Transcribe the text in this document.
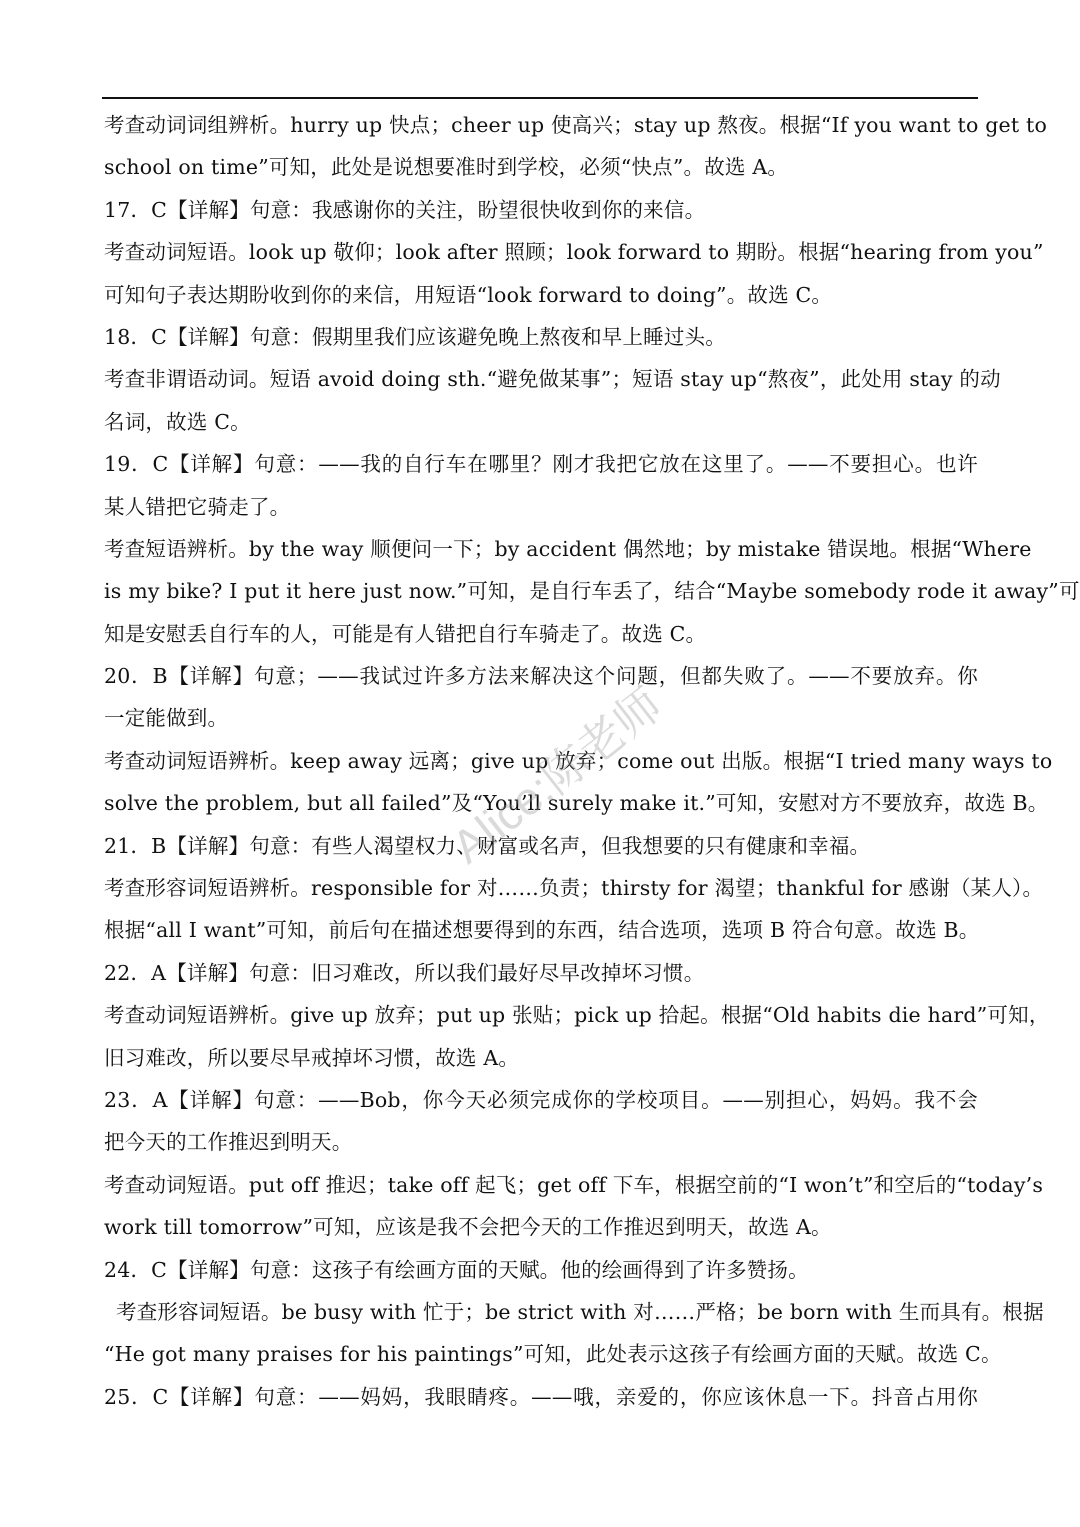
考查动词词组辨析。hurry up 快点；cheer up 使高兴；stay up 熬夜。根据“If you want to get to
school on time”可知，此处是说想要准时到学校，必须“快点”。故选 A。
17．C【详解】句意：我感谢你的关注，盼望很快收到你的来信。
考查动词短语。look up 敬仰；look after 照顾；look forward to 期盼。根据“hearing from you”
可知句子表达期盼收到你的来信，用短语“look forward to doing”。故选 C。
18．C【详解】句意：假期里我们应该避免晚上熬夜和早上睡过头。
考查非谓语动词。短语 avoid doing sth.“避免做某事”；短语 stay up“熬夜”，此处用 stay 的动
名词，故选 C。
19．C【详解】句意：——我的自行车在哪里？刚才我把它放在这里了。——不要担心。也许
某人错把它骑走了。
考查短语辨析。by the way 顺便问一下；by accident 偶然地；by mistake 错误地。根据“Where
is my bike? I put it here just now.”可知，是自行车丢了，结合“Maybe somebody rode it away”可
知是安慰丢自行车的人，可能是有人错把自行车骑走了。故选 C。
20．B【详解】句意；——我试过许多方法来解决这个问题，但都失败了。——不要放弃。你
一定能做到。
考查动词短语辨析。keep away 远离；give up 放弃；come out 出版。根据“I tried many ways to
solve the problem, but all failed”及“You’ll surely make it.”可知，安慰对方不要放弃，故选 B。
21．B【详解】句意：有些人渴望权力、财富或名声，但我想要的只有健康和幸福。
考查形容词短语辨析。responsible for 对……负责；thirsty for 渴望；thankful for 感谢（某人）。
根据“all I want”可知，前后句在描述想要得到的东西，结合选项，选项 B 符合句意。故选 B。
22．A【详解】句意：旧习难改，所以我们最好尽早改掉坏习惯。
考查动词短语辨析。give up 放弃；put up 张贴；pick up 拾起。根据“Old habits die hard”可知，
旧习难改，所以要尽早戒掉坏习惯，故选 A。
23．A【详解】句意：——Bob，你今天必须完成你的学校项目。——别担心，妈妈。我不会
把今天的工作推迟到明天。
考查动词短语。put off 推迟；take off 起飞；get off 下车，根据空前的“I won’t”和空后的“today’s
work till tomorrow”可知，应该是我不会把今天的工作推迟到明天，故选 A。
24．C【详解】句意：这孩子有绘画方面的天赋。他的绘画得到了许多赞扬。
考查形容词短语。be busy with 忙于；be strict with 对……严格；be born with 生而具有。根据
“He got many praises for his paintings”可知，此处表示这孩子有绘画方面的天赋。故选 C。
25．C【详解】句意：——妈妈，我眼睛疼。——哦，亲爱的，你应该休息一下。抖音占用你
Alice:陈老师
